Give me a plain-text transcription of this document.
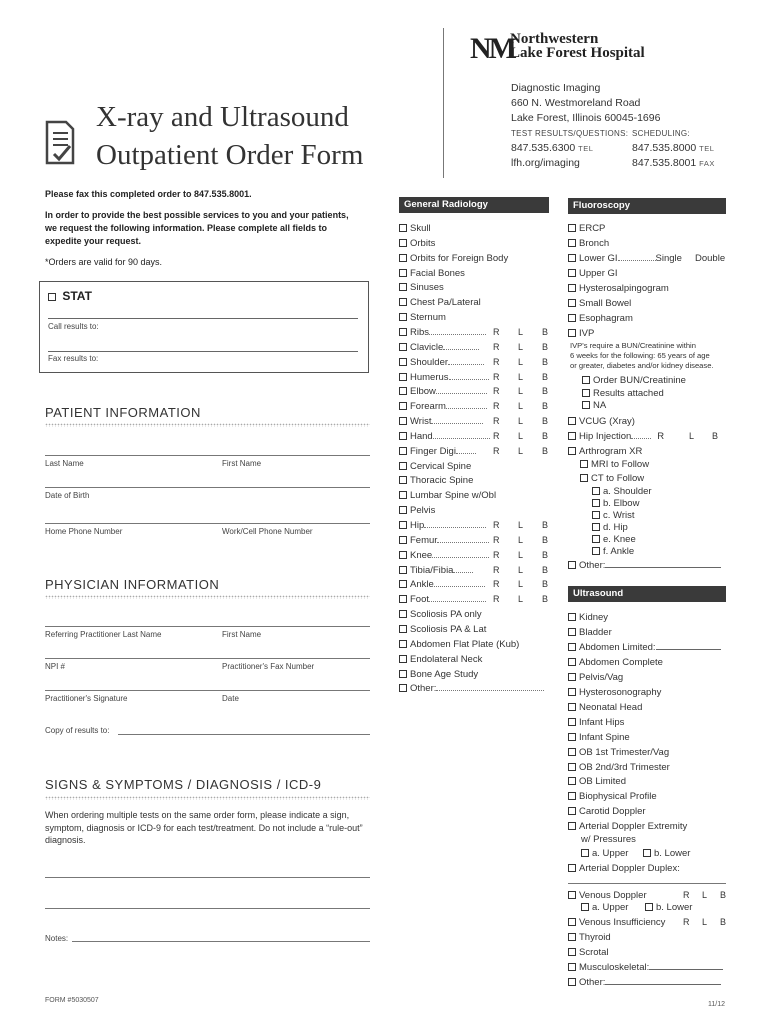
NM
Northwestern
Lake Forest Hospital
Diagnostic Imaging
660 N. Westmoreland Road
Lake Forest, Illinois 60045-1696
TEST RESULTS/QUESTIONS: SCHEDULING:
847.535.6300 TEL
lfh.org/imaging
847.535.8000 TEL
847.535.8001 FAX
X-ray and Ultrasound
Outpatient Order Form
Please fax this completed order to 847.535.8001.
In order to provide the best possible services to you and your patients,
we request the following information. Please complete all fields to
expedite your request.
*Orders are valid for 90 days.
STAT
Call results to:
Fax results to:
PATIENT INFORMATION
Last Name	First Name
Date of Birth
Home Phone Number	Work/Cell Phone Number
PHYSICIAN INFORMATION
Referring Practitioner Last Name	First Name
NPI #	Practitioner's Fax Number
Practitioner's Signature	Date
Copy of results to:
SIGNS & SYMPTOMS / DIAGNOSIS / ICD-9
When ordering multiple tests on the same order form, please indicate a sign, symptom, diagnosis or ICD-9 for each test/treatment. Do not include a “rule-out” diagnosis.
Notes:
FORM #5030507
11/12
General Radiology
Skull
Orbits
Orbits for Foreign Body
Facial Bones
Sinuses
Chest Pa/Lateral
Sternum
Ribs	R L B
Clavicle	R L B
Shoulder	R L B
Humerus	R L B
Elbow	R L B
Forearm	R L B
Wrist	R L B
Hand	R L B
Finger Digi	R L B
Cervical Spine
Thoracic Spine
Lumbar Spine w/Obl
Pelvis
Hip	R L B
Femur	R L B
Knee	R L B
Tibia/Fibia	R L B
Ankle	R L B
Foot	R L B
Scoliosis PA only
Scoliosis PA & Lat
Abdomen Flat Plate (Kub)
Endolateral Neck
Bone Age Study
Other:
Fluoroscopy
ERCP
Bronch
Lower GI	Single Double
Upper GI
Hysterosalpingogram
Small Bowel
Esophagram
IVP
IVP's require a BUN/Creatinine within
6 weeks for the following: 65 years of age
or greater, diabetes and/or kidney disease.
Order BUN/Creatinine
Results attached
NA
VCUG (Xray)
Hip Injection	R	L B
Arthrogram XR
MRI to Follow
CT to Follow
a. Shoulder
b. Elbow
c. Wrist
d. Hip
e. Knee
f. Ankle
Other:
Ultrasound
Kidney
Bladder
Abdomen Limited:
Abdomen Complete
Pelvis/Vag
Hysterosonography
Neonatal Head
Infant Hips
Infant Spine
OB 1st Trimester/Vag
OB 2nd/3rd Trimester
OB Limited
Biophysical Profile
Carotid Doppler
Arterial Doppler Extremity
w/ Pressures
a. Upper	b. Lower
Arterial Doppler Duplex:
Venous Doppler	R L B
a. Upper	b. Lower
Venous Insufficiency R L B
Thyroid
Scrotal
Musculoskeletal:
Other:
